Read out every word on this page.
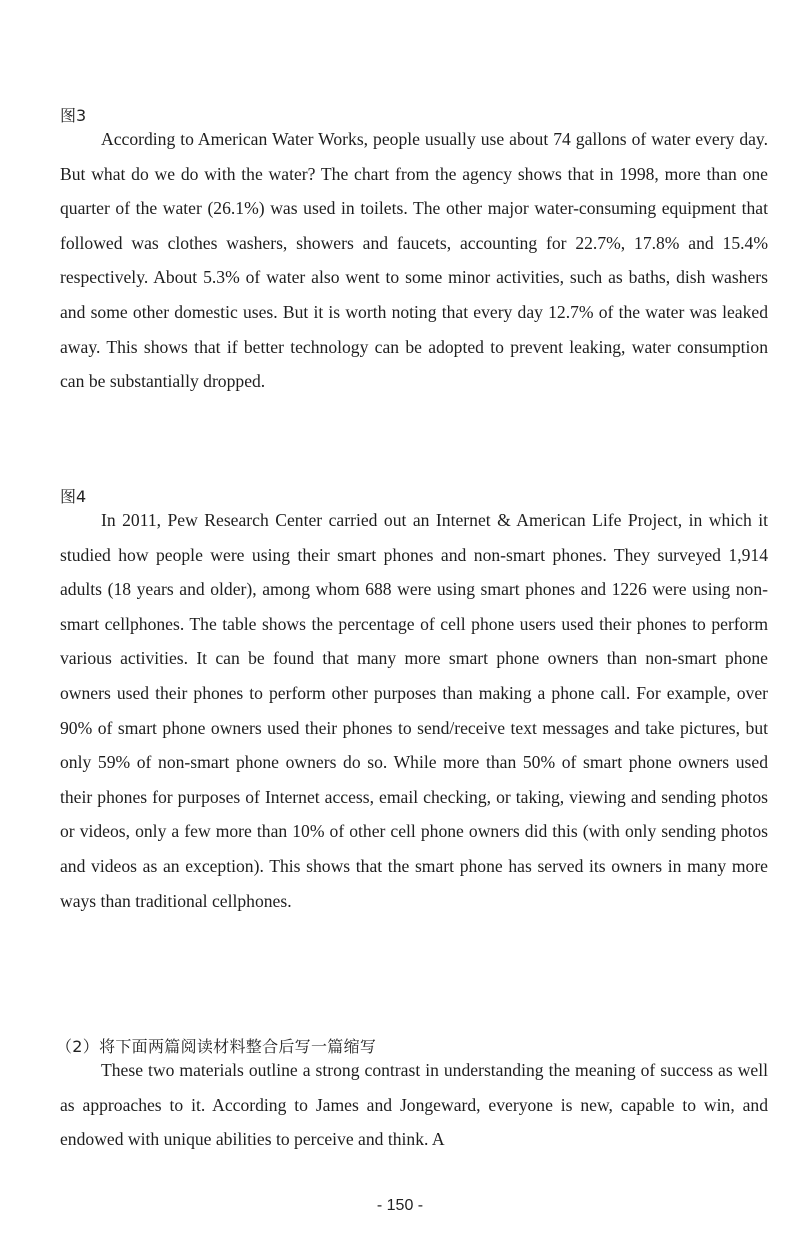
图3

According to American Water Works, people usually use about 74 gallons of water every day. But what do we do with the water? The chart from the agency shows that in 1998, more than one quarter of the water (26.1%) was used in toilets. The other major water-consuming equipment that followed was clothes washers, showers and faucets, accounting for 22.7%, 17.8% and 15.4% respectively. About 5.3% of water also went to some minor activities, such as baths, dish washers and some other domestic uses. But it is worth noting that every day 12.7% of the water was leaked away. This shows that if better technology can be adopted to prevent leaking, water consumption can be substantially dropped.

图4

In 2011, Pew Research Center carried out an Internet & American Life Project, in which it studied how people were using their smart phones and non-smart phones. They surveyed 1,914 adults (18 years and older), among whom 688 were using smart phones and 1226 were using non-smart cellphones. The table shows the percentage of cell phone users used their phones to perform various activities. It can be found that many more smart phone owners than non-smart phone owners used their phones to perform other purposes than making a phone call. For example, over 90% of smart phone owners used their phones to send/receive text messages and take pictures, but only 59% of non-smart phone owners do so. While more than 50% of smart phone owners used their phones for purposes of Internet access, email checking, or taking, viewing and sending photos or videos, only a few more than 10% of other cell phone owners did this (with only sending photos and videos as an exception). This shows that the smart phone has served its owners in many more ways than traditional cellphones.

（2）将下面两篇阅读材料整合后写一篇缩写

These two materials outline a strong contrast in understanding the meaning of success as well as approaches to it. According to James and Jongeward, everyone is new, capable to win, and endowed with unique abilities to perceive and think. A

- 150 -
